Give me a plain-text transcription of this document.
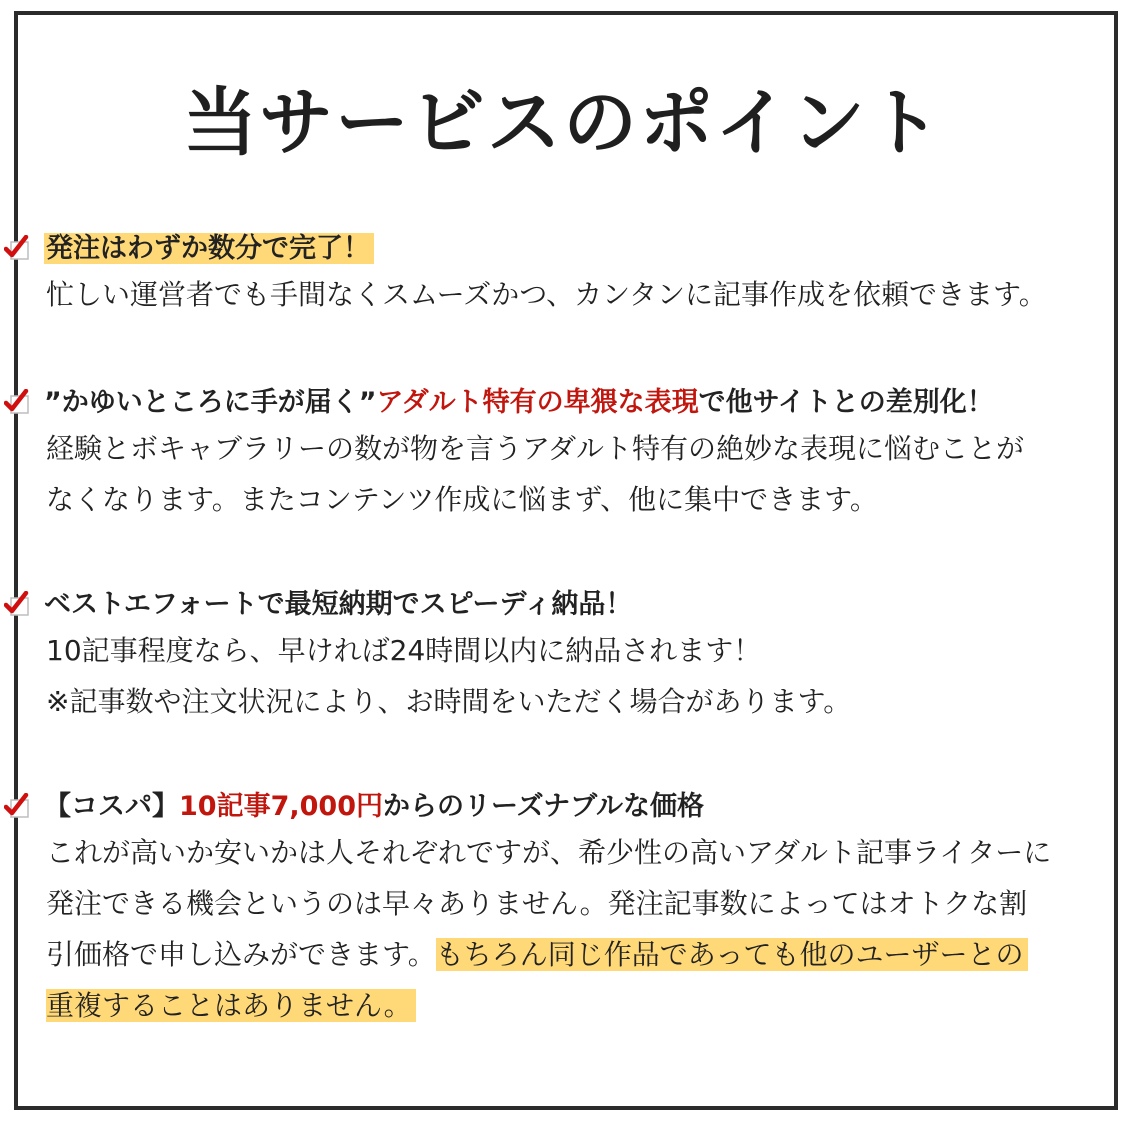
当サービスのポイント
発注はわずか数分で完了！
忙しい運営者でも手間なくスムーズかつ、カンタンに記事作成を依頼できます。
”かゆいところに手が届く”アダルト特有の卑猥な表現で他サイトとの差別化！
経験とボキャブラリーの数が物を言うアダルト特有の絶妙な表現に悩むことが
なくなります。またコンテンツ作成に悩まず、他に集中できます。
ベストエフォートで最短納期でスピーディ納品！
10記事程度なら、早ければ24時間以内に納品されます！
※記事数や注文状況により、お時間をいただく場合があります。
【コスパ】10記事7,000円からのリーズナブルな価格
これが高いか安いかは人それぞれですが、希少性の高いアダルト記事ライターに
発注できる機会というのは早々ありません。発注記事数によってはオトクな割
引価格で申し込みができます。もちろん同じ作品であっても他のユーザーとの
重複することはありません。
